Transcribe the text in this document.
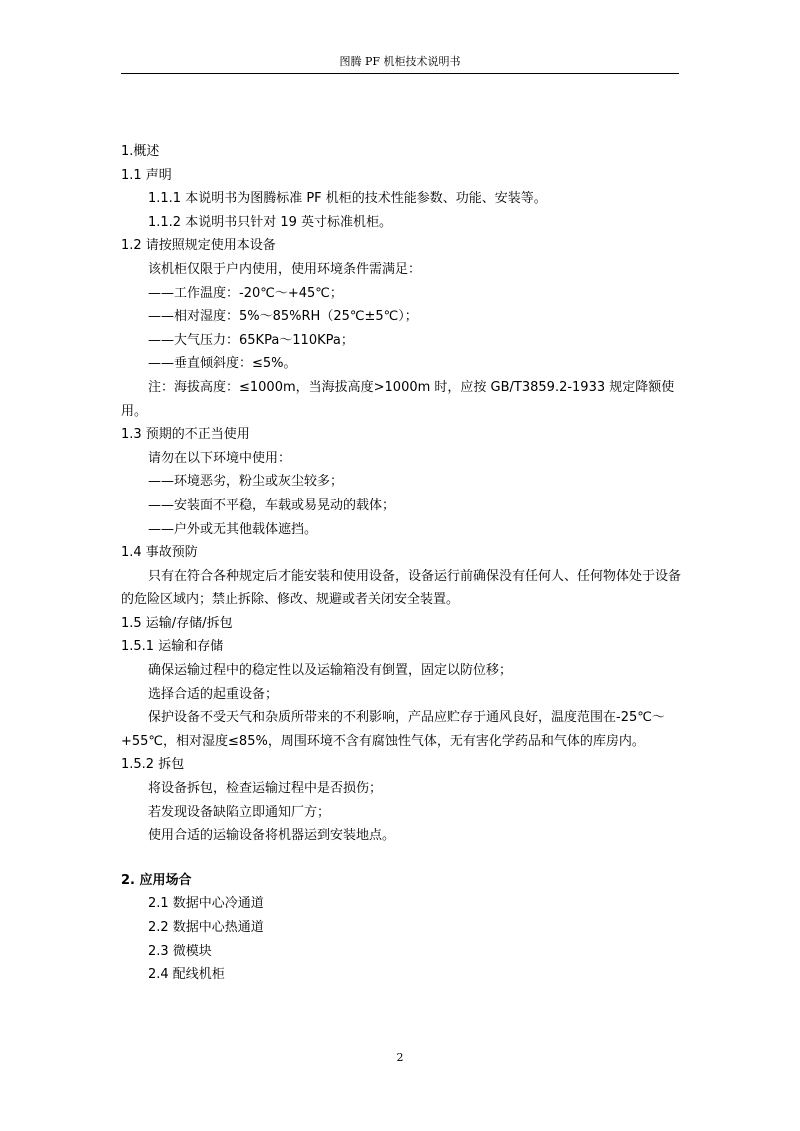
图腾 PF 机柜技术说明书
1.概述
1.1 声明
1.1.1 本说明书为图腾标准 PF 机柜的技术性能参数、功能、安装等。
1.1.2 本说明书只针对 19 英寸标准机柜。
1.2 请按照规定使用本设备
该机柜仅限于户内使用，使用环境条件需满足：
——工作温度：-20℃～+45℃；
——相对湿度：5%～85%RH（25℃±5℃）；
——大气压力：65KPa～110KPa；
——垂直倾斜度：≤5%。
注：海拔高度：≤1000m，当海拔高度>1000m 时，应按 GB/T3859.2-1933 规定降额使用。
1.3 预期的不正当使用
请勿在以下环境中使用：
——环境恶劣，粉尘或灰尘较多；
——安装面不平稳，车载或易晃动的载体；
——户外或无其他载体遮挡。
1.4 事故预防
只有在符合各种规定后才能安装和使用设备，设备运行前确保没有任何人、任何物体处于设备的危险区域内；禁止拆除、修改、规避或者关闭安全装置。
1.5 运输/存储/拆包
1.5.1 运输和存储
确保运输过程中的稳定性以及运输箱没有倒置，固定以防位移；
选择合适的起重设备；
保护设备不受天气和杂质所带来的不利影响，产品应贮存于通风良好，温度范围在-25℃～+55℃，相对湿度≤85%，周围环境不含有腐蚀性气体，无有害化学药品和气体的库房内。
1.5.2 拆包
将设备拆包，检查运输过程中是否损伤；
若发现设备缺陷立即通知厂方；
使用合适的运输设备将机器运到安装地点。
2. 应用场合
2.1 数据中心冷通道
2.2 数据中心热通道
2.3 微模块
2.4 配线机柜
2
